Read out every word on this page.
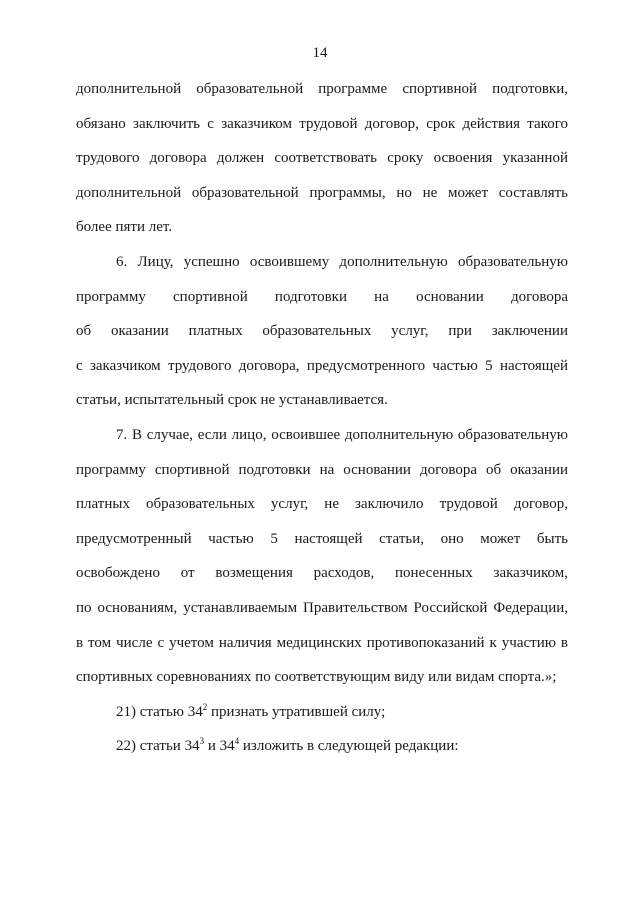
14
дополнительной образовательной программе спортивной подготовки,
обязано заключить с заказчиком трудовой договор, срок действия такого
трудового договора должен соответствовать сроку освоения указанной
дополнительной образовательной программы, но не может составлять
более пяти лет.
6. Лицу, успешно освоившему дополнительную образовательную
программу спортивной подготовки на основании договора
об оказании платных образовательных услуг, при заключении
с заказчиком трудового договора, предусмотренного частью 5 настоящей
статьи, испытательный срок не устанавливается.
7. В случае, если лицо, освоившее дополнительную образовательную
программу спортивной подготовки на основании договора об оказании
платных образовательных услуг, не заключило трудовой договор,
предусмотренный частью 5 настоящей статьи, оно может быть
освобождено от возмещения расходов, понесенных заказчиком,
по основаниям, устанавливаемым Правительством Российской Федерации,
в том числе с учетом наличия медицинских противопоказаний к участию в
спортивных соревнованиях по соответствующим виду или видам спорта.»;
21) статью $34^2$ признать утратившей силу;
22) статьи $34^3$ и $34^4$ изложить в следующей редакции:
